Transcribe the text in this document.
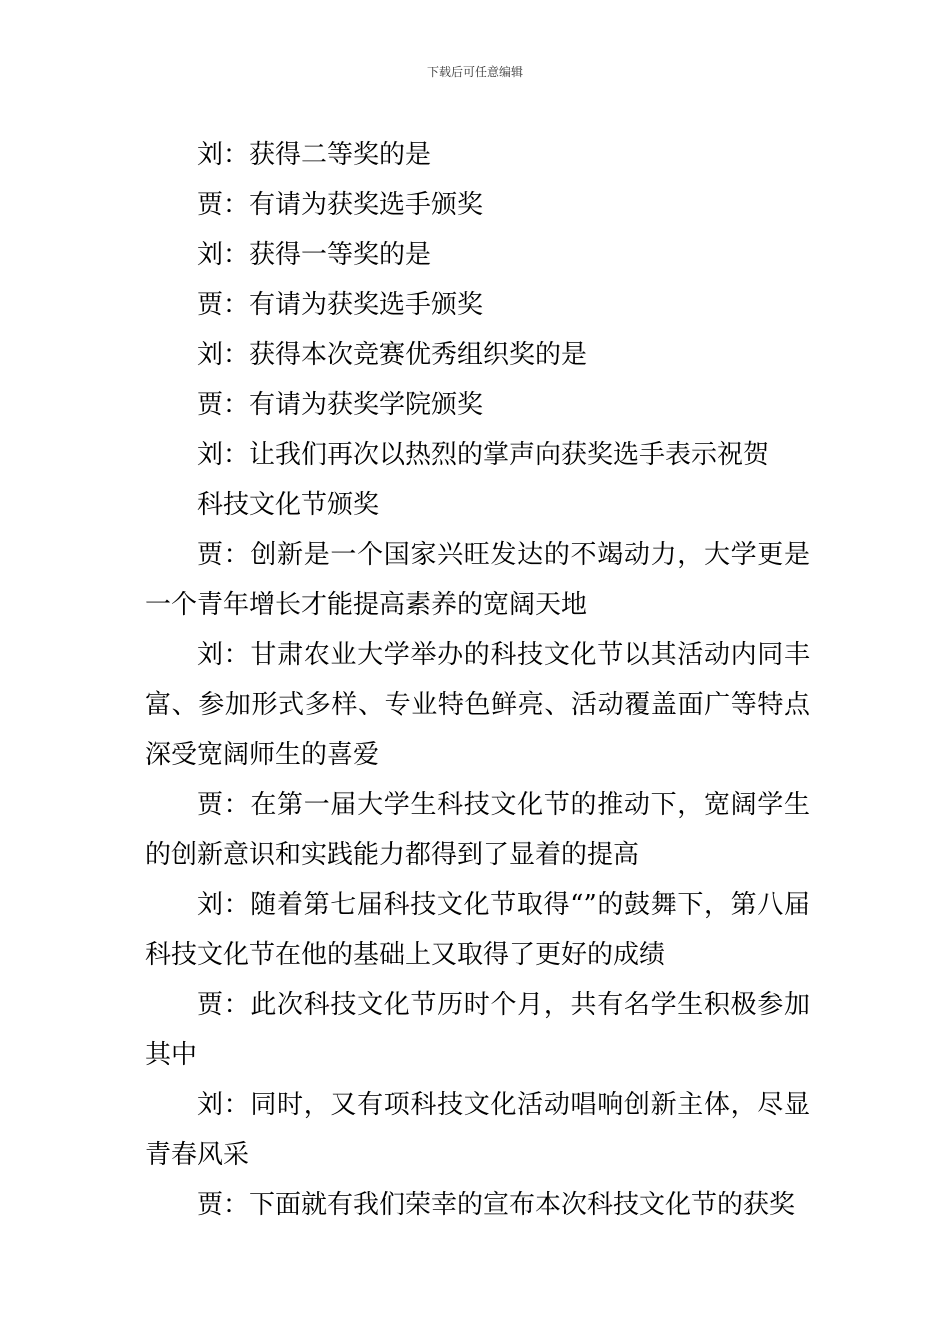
下载后可任意编辑

刘：获得二等奖的是

贾：有请为获奖选手颁奖

刘：获得一等奖的是

贾：有请为获奖选手颁奖

刘：获得本次竞赛优秀组织奖的是

贾：有请为获奖学院颁奖

刘：让我们再次以热烈的掌声向获奖选手表示祝贺

科技文化节颁奖

贾：创新是一个国家兴旺发达的不竭动力，大学更是一个青年增长才能提高素养的宽阔天地

刘：甘肃农业大学举办的科技文化节以其活动内同丰富、参加形式多样、专业特色鲜亮、活动覆盖面广等特点深受宽阔师生的喜爱

贾：在第一届大学生科技文化节的推动下，宽阔学生的创新意识和实践能力都得到了显着的提高

刘：随着第七届科技文化节取得“”的鼓舞下，第八届科技文化节在他的基础上又取得了更好的成绩

贾：此次科技文化节历时个月，共有名学生积极参加其中

刘：同时，又有项科技文化活动唱响创新主体，尽显青春风采

贾：下面就有我们荣幸的宣布本次科技文化节的获奖
